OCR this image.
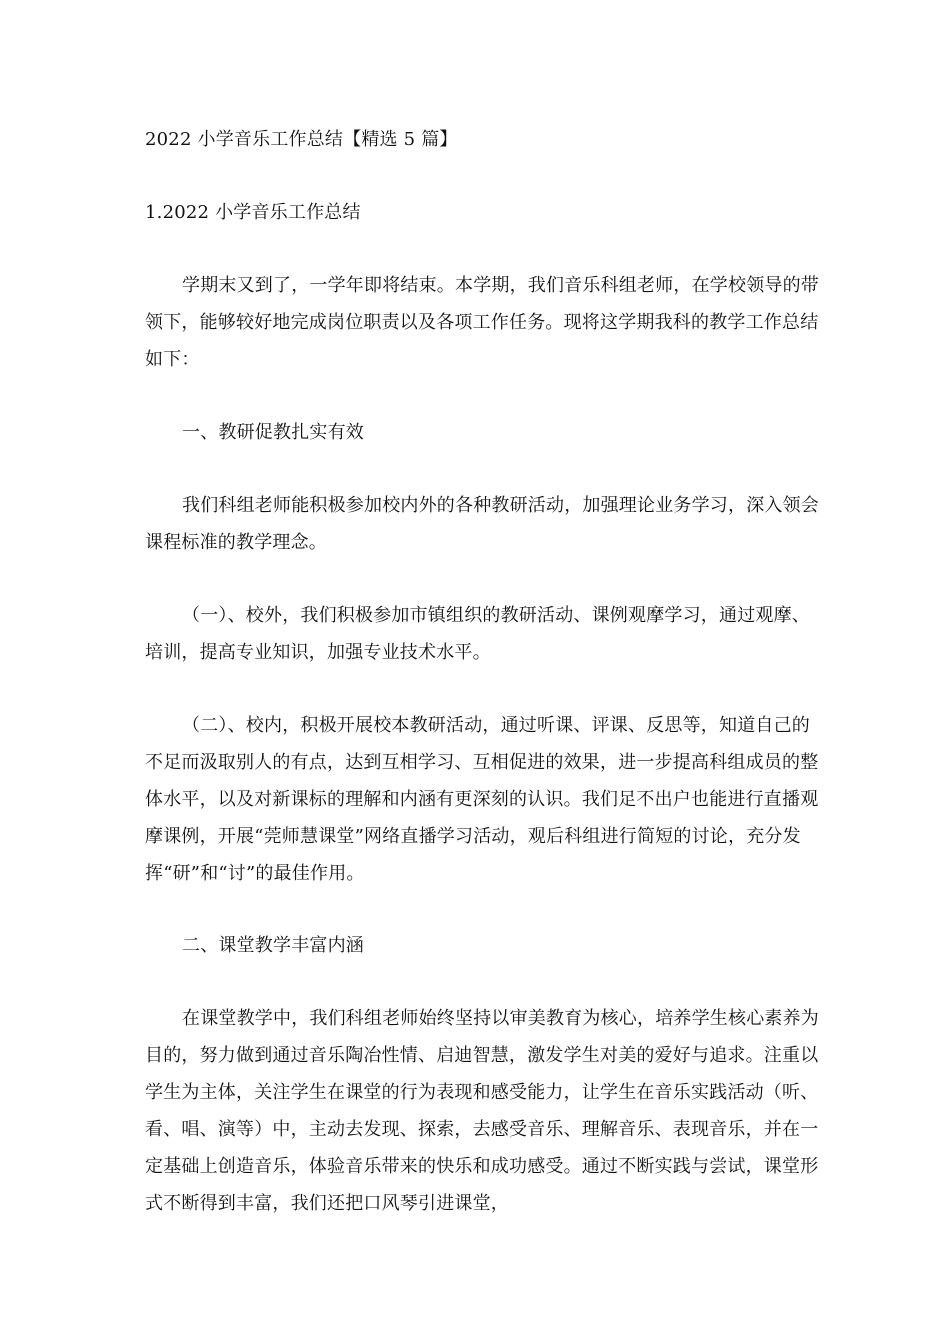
2022 小学音乐工作总结【精选 5 篇】
1.2022 小学音乐工作总结
学期末又到了，一学年即将结束。本学期，我们音乐科组老师，在学校领导的带领下，能够较好地完成岗位职责以及各项工作任务。现将这学期我科的教学工作总结如下：
一、教研促教扎实有效
我们科组老师能积极参加校内外的各种教研活动，加强理论业务学习，深入领会课程标准的教学理念。
（一）、校外，我们积极参加市镇组织的教研活动、课例观摩学习，通过观摩、培训，提高专业知识，加强专业技术水平。
（二）、校内，积极开展校本教研活动，通过听课、评课、反思等，知道自己的不足而汲取别人的有点，达到互相学习、互相促进的效果，进一步提高科组成员的整体水平，以及对新课标的理解和内涵有更深刻的认识。我们足不出户也能进行直播观摩课例，开展“莞师慧课堂”网络直播学习活动，观后科组进行简短的讨论，充分发挥“研”和“讨”的最佳作用。
二、课堂教学丰富内涵
在课堂教学中，我们科组老师始终坚持以审美教育为核心，培养学生核心素养为目的，努力做到通过音乐陶冶性情、启迪智慧，激发学生对美的爱好与追求。注重以学生为主体，关注学生在课堂的行为表现和感受能力，让学生在音乐实践活动（听、看、唱、演等）中，主动去发现、探索，去感受音乐、理解音乐、表现音乐，并在一定基础上创造音乐，体验音乐带来的快乐和成功感受。通过不断实践与尝试，课堂形式不断得到丰富，我们还把口风琴引进课堂，
